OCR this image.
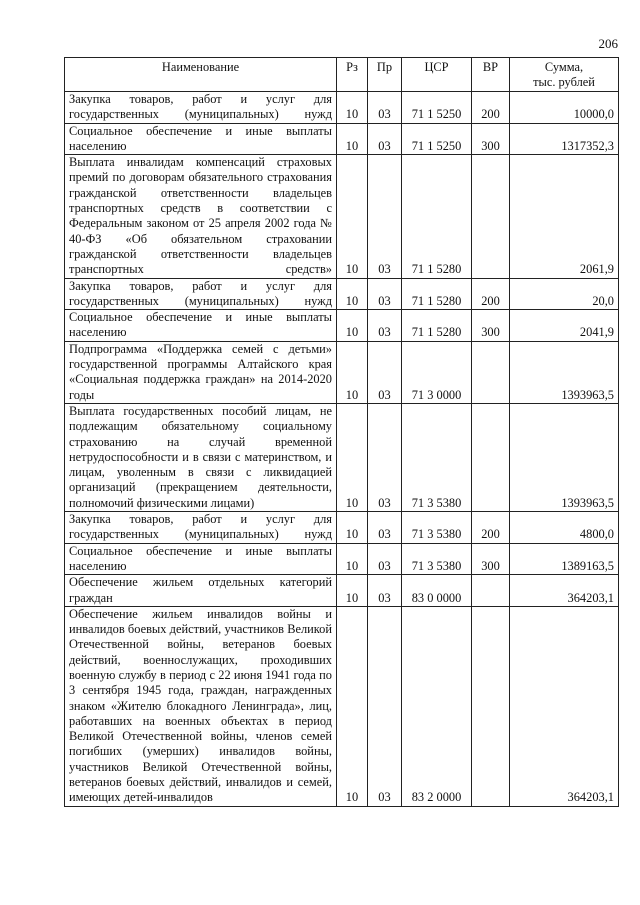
206
Наименование	Рз	Пр	ЦСР	ВР	Сумма,
тыс. рублей

Закупка товаров, работ и услуг для государственных (муниципальных) нужд	10	03	71 1 5250	200	10000,0
Социальное обеспечение и иные выплаты населению	10	03	71 1 5250	300	1317352,3
Выплата инвалидам компенсаций страховых премий по договорам обязательного страхования гражданской ответственности владельцев транспортных средств в соответствии с Федеральным законом от 25 апреля 2002 года № 40-ФЗ «Об обязательном страховании гражданской ответственности владельцев транспортных средств»	10	03	71 1 5280		2061,9
Закупка товаров, работ и услуг для государственных (муниципальных) нужд	10	03	71 1 5280	200	20,0
Социальное обеспечение и иные выплаты населению	10	03	71 1 5280	300	2041,9
Подпрограмма «Поддержка семей с детьми» государственной программы Алтайского края «Социальная поддержка граждан» на 2014-2020 годы	10	03	71 3 0000		1393963,5
Выплата государственных пособий лицам, не подлежащим обязательному социальному страхованию на случай временной нетрудоспособности и в связи с материнством, и лицам, уволенным в связи с ликвидацией организаций (прекращением деятельности, полномочий физическими лицами)	10	03	71 3 5380		1393963,5
Закупка товаров, работ и услуг для государственных (муниципальных) нужд	10	03	71 3 5380	200	4800,0
Социальное обеспечение и иные выплаты населению	10	03	71 3 5380	300	1389163,5
Обеспечение жильем отдельных категорий граждан	10	03	83 0 0000		364203,1
Обеспечение жильем инвалидов войны и инвалидов боевых действий, участников Великой Отечественной войны, ветеранов боевых действий, военнослужащих, проходивших военную службу в период с 22 июня 1941 года по 3 сентября 1945 года, граждан, награжденных знаком «Жителю блокадного Ленинграда», лиц, работавших на военных объектах в период Великой Отечественной войны, членов семей погибших (умерших) инвалидов войны, участников Великой Отечественной войны, ветеранов боевых действий, инвалидов и семей, имеющих детей-инвалидов	10	03	83 2 0000		364203,1
